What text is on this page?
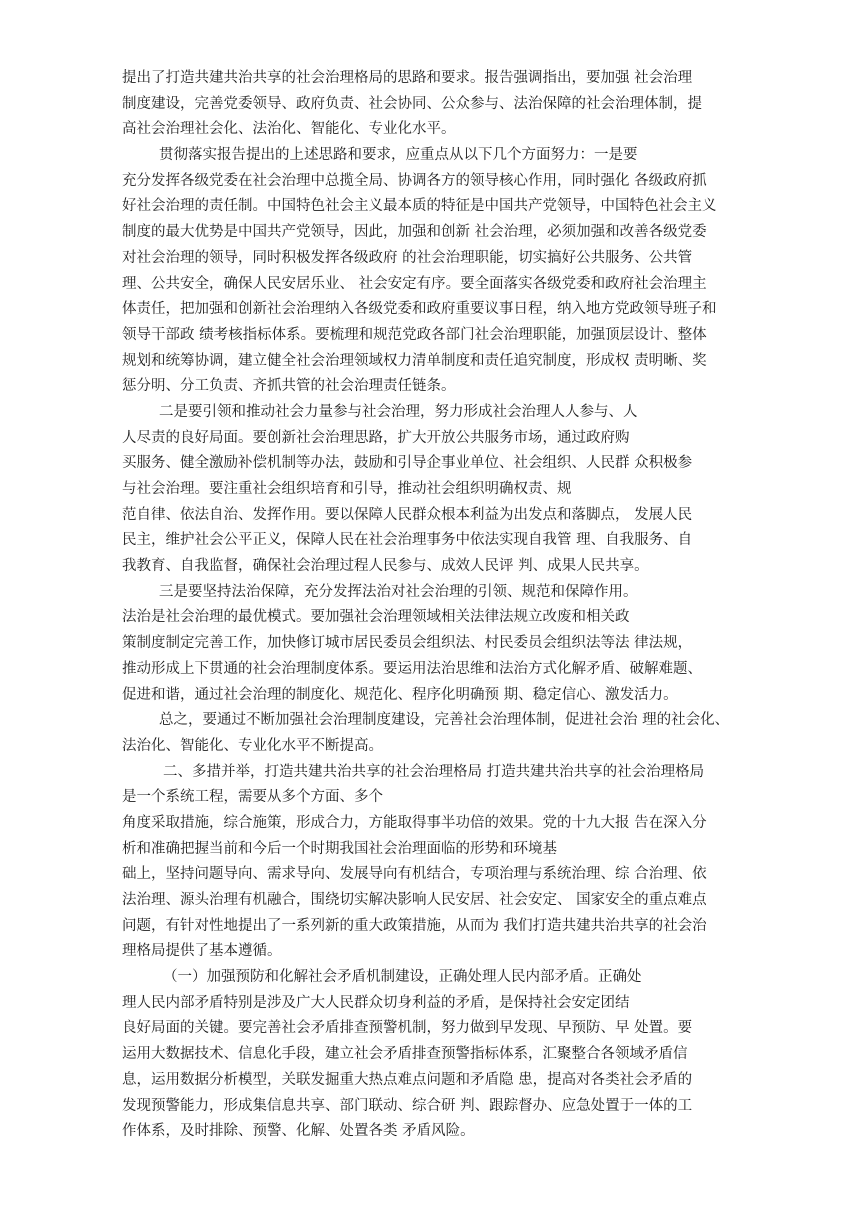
提出了打造共建共治共享的社会治理格局的思路和要求。报告强调指出，要加强 社会治理
制度建设，完善党委领导、政府负责、社会协同、公众参与、法治保障的社会治理体制，提
高社会治理社会化、法治化、智能化、专业化水平。
贯彻落实报告提出的上述思路和要求，应重点从以下几个方面努力：一是要
充分发挥各级党委在社会治理中总揽全局、协调各方的领导核心作用，同时强化 各级政府抓
好社会治理的责任制。中国特色社会主义最本质的特征是中国共产党领导，中国特色社会主义
制度的最大优势是中国共产党领导，因此，加强和创新 社会治理，必须加强和改善各级党委
对社会治理的领导，同时积极发挥各级政府 的社会治理职能，切实搞好公共服务、公共管
理、公共安全，确保人民安居乐业、 社会安定有序。要全面落实各级党委和政府社会治理主
体责任，把加强和创新社会治理纳入各级党委和政府重要议事日程，纳入地方党政领导班子和
领导干部政 绩考核指标体系。要梳理和规范党政各部门社会治理职能，加强顶层设计、整体
规划和统筹协调，建立健全社会治理领域权力清单制度和责任追究制度，形成权 责明晰、奖
惩分明、分工负责、齐抓共管的社会治理责任链条。
二是要引领和推动社会力量参与社会治理，努力形成社会治理人人参与、人
人尽责的良好局面。要创新社会治理思路，扩大开放公共服务市场，通过政府购
买服务、健全激励补偿机制等办法，鼓励和引导企事业单位、社会组织、人民群 众积极参
与社会治理。要注重社会组织培育和引导，推动社会组织明确权责、规
范自律、依法自治、发挥作用。要以保障人民群众根本利益为出发点和落脚点， 发展人民
民主，维护社会公平正义，保障人民在社会治理事务中依法实现自我管 理、自我服务、自
我教育、自我监督，确保社会治理过程人民参与、成效人民评 判、成果人民共享。
三是要坚持法治保障，充分发挥法治对社会治理的引领、规范和保障作用。
法治是社会治理的最优模式。要加强社会治理领域相关法律法规立改废和相关政
策制度制定完善工作，加快修订城市居民委员会组织法、村民委员会组织法等法 律法规，
推动形成上下贯通的社会治理制度体系。要运用法治思维和法治方式化解矛盾、破解难题、
促进和谐，通过社会治理的制度化、规范化、程序化明确预 期、稳定信心、激发活力。
总之，要通过不断加强社会治理制度建设，完善社会治理体制，促进社会治 理的社会化、
法治化、智能化、专业化水平不断提高。
二、多措并举，打造共建共治共享的社会治理格局 打造共建共治共享的社会治理格局
是一个系统工程，需要从多个方面、多个
角度采取措施，综合施策，形成合力，方能取得事半功倍的效果。党的十九大报 告在深入分
析和准确把握当前和今后一个时期我国社会治理面临的形势和环境基
础上，坚持问题导向、需求导向、发展导向有机结合，专项治理与系统治理、综 合治理、依
法治理、源头治理有机融合，围绕切实解决影响人民安居、社会安定、 国家安全的重点难点
问题，有针对性地提出了一系列新的重大政策措施，从而为 我们打造共建共治共享的社会治
理格局提供了基本遵循。
（一）加强预防和化解社会矛盾机制建设，正确处理人民内部矛盾。正确处
理人民内部矛盾特别是涉及广大人民群众切身利益的矛盾，是保持社会安定团结
良好局面的关键。要完善社会矛盾排查预警机制，努力做到早发现、早预防、早 处置。要
运用大数据技术、信息化手段，建立社会矛盾排查预警指标体系，汇聚整合各领域矛盾信
息，运用数据分析模型，关联发掘重大热点难点问题和矛盾隐 患，提高对各类社会矛盾的
发现预警能力，形成集信息共享、部门联动、综合研 判、跟踪督办、应急处置于一体的工
作体系，及时排除、预警、化解、处置各类 矛盾风险。
